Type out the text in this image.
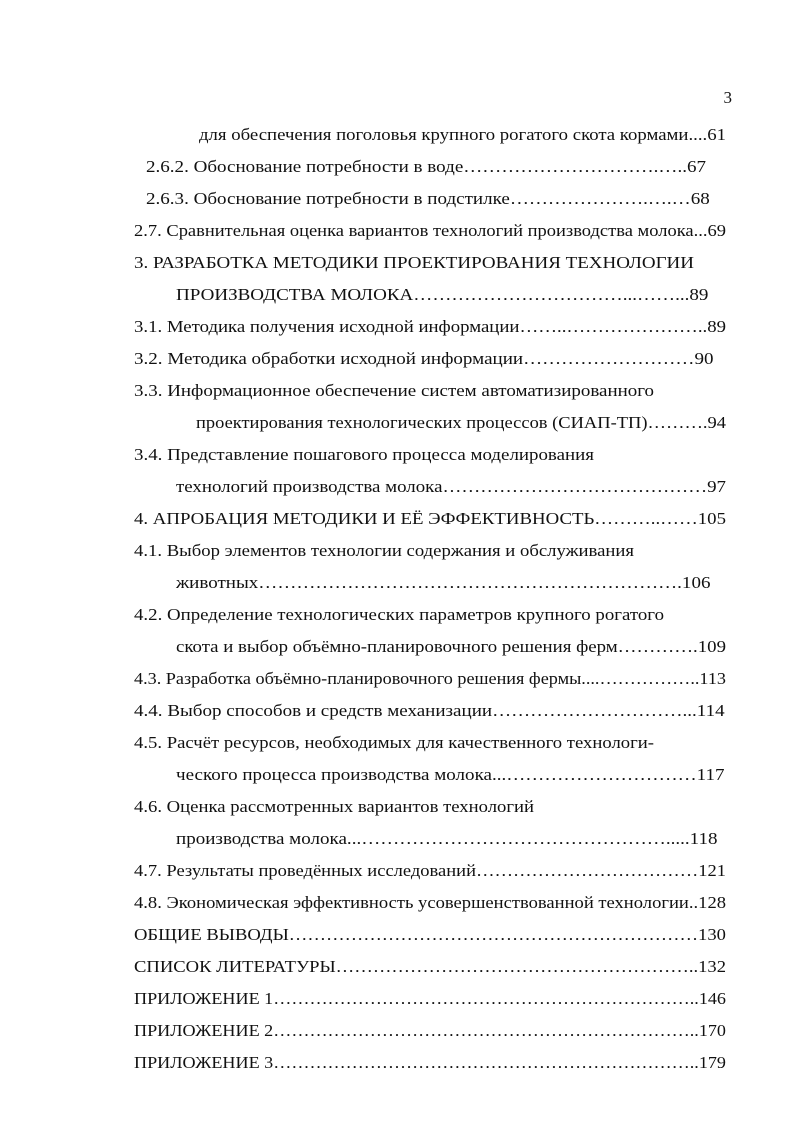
3
для обеспечения поголовья крупного рогатого скота кормами....61
2.6.2. Обоснование потребности в воде………………………….…..67
2.6.3. Обоснование потребности в подстилке………………….….…68
2.7. Сравнительная оценка вариантов технологий производства молока...69
3. РАЗРАБОТКА МЕТОДИКИ ПРОЕКТИРОВАНИЯ ТЕХНОЛОГИИ
ПРОИЗВОДСТВА МОЛОКА……………………………...……...89
3.1. Методика получения исходной информации……..…………………..89
3.2. Методика обработки исходной информации………………………90
3.3. Информационное обеспечение систем автоматизированного
проектирования технологических процессов (СИАП-ТП)……….94
3.4. Представление пошагового процесса моделирования
технологий производства молока……………………………………97
4. АПРОБАЦИЯ МЕТОДИКИ И ЕЁ ЭФФЕКТИВНОСТЬ………..……105
4.1. Выбор элементов технологии содержания и обслуживания
животных………………………………………………………….106
4.2. Определение технологических параметров крупного рогатого
скота и выбор объёмно-планировочного решения ферм………….109
4.3. Разработка объёмно-планировочного решения фермы....……………..113
4.4. Выбор способов и средств механизации…………………………...114
4.5. Расчёт ресурсов, необходимых для качественного технологи-
ческого процесса производства молока...…………………………117
4.6. Оценка рассмотренных вариантов технологий
производства молока...………………………………………….....118
4.7. Результаты проведённых исследований………………………………121
4.8. Экономическая эффективность усовершенствованной технологии..128
ОБЩИЕ ВЫВОДЫ…………………………………………………………130
СПИСОК ЛИТЕРАТУРЫ…………………………………………………..132
ПРИЛОЖЕНИЕ 1……………………………………………………………..146
ПРИЛОЖЕНИЕ 2……………………………………………………………..170
ПРИЛОЖЕНИЕ 3……………………………………………………………..179
